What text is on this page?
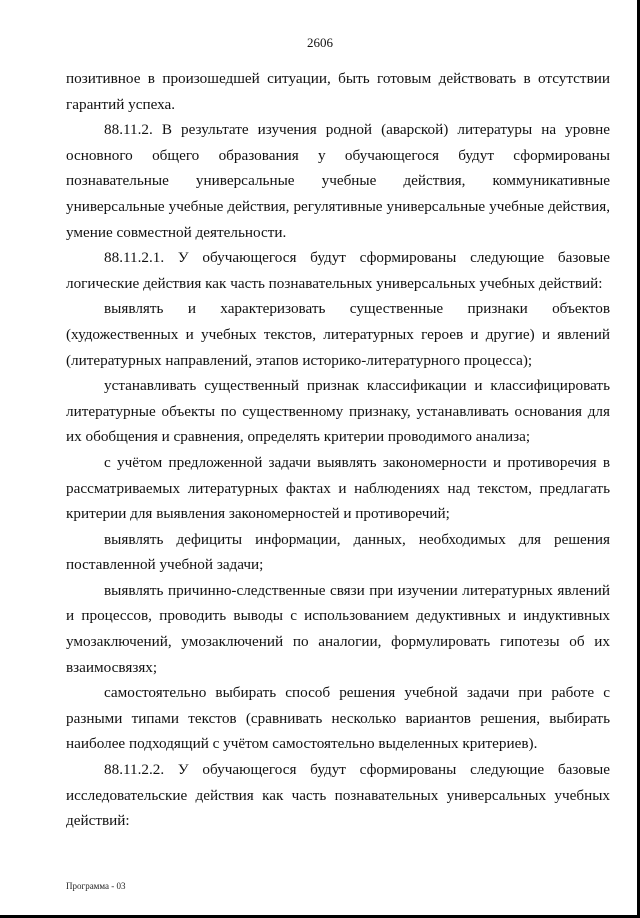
2606

позитивное в произошедшей ситуации, быть готовым действовать в отсутствии гарантий успеха.

88.11.2. В результате изучения родной (аварской) литературы на уровне основного общего образования у обучающегося будут сформированы познавательные универсальные учебные действия, коммуникативные универсальные учебные действия, регулятивные универсальные учебные действия, умение совместной деятельности.

88.11.2.1. У обучающегося будут сформированы следующие базовые логические действия как часть познавательных универсальных учебных действий:

выявлять и характеризовать существенные признаки объектов (художественных и учебных текстов, литературных героев и другие) и явлений (литературных направлений, этапов историко-литературного процесса);

устанавливать существенный признак классификации и классифицировать литературные объекты по существенному признаку, устанавливать основания для их обобщения и сравнения, определять критерии проводимого анализа;

с учётом предложенной задачи выявлять закономерности и противоречия в рассматриваемых литературных фактах и наблюдениях над текстом, предлагать критерии для выявления закономерностей и противоречий;

выявлять дефициты информации, данных, необходимых для решения поставленной учебной задачи;

выявлять причинно-следственные связи при изучении литературных явлений и процессов, проводить выводы с использованием дедуктивных и индуктивных умозаключений, умозаключений по аналогии, формулировать гипотезы об их взаимосвязях;

самостоятельно выбирать способ решения учебной задачи при работе с разными типами текстов (сравнивать несколько вариантов решения, выбирать наиболее подходящий с учётом самостоятельно выделенных критериев).

88.11.2.2. У обучающегося будут сформированы следующие базовые исследовательские действия как часть познавательных универсальных учебных действий:

Программа - 03
